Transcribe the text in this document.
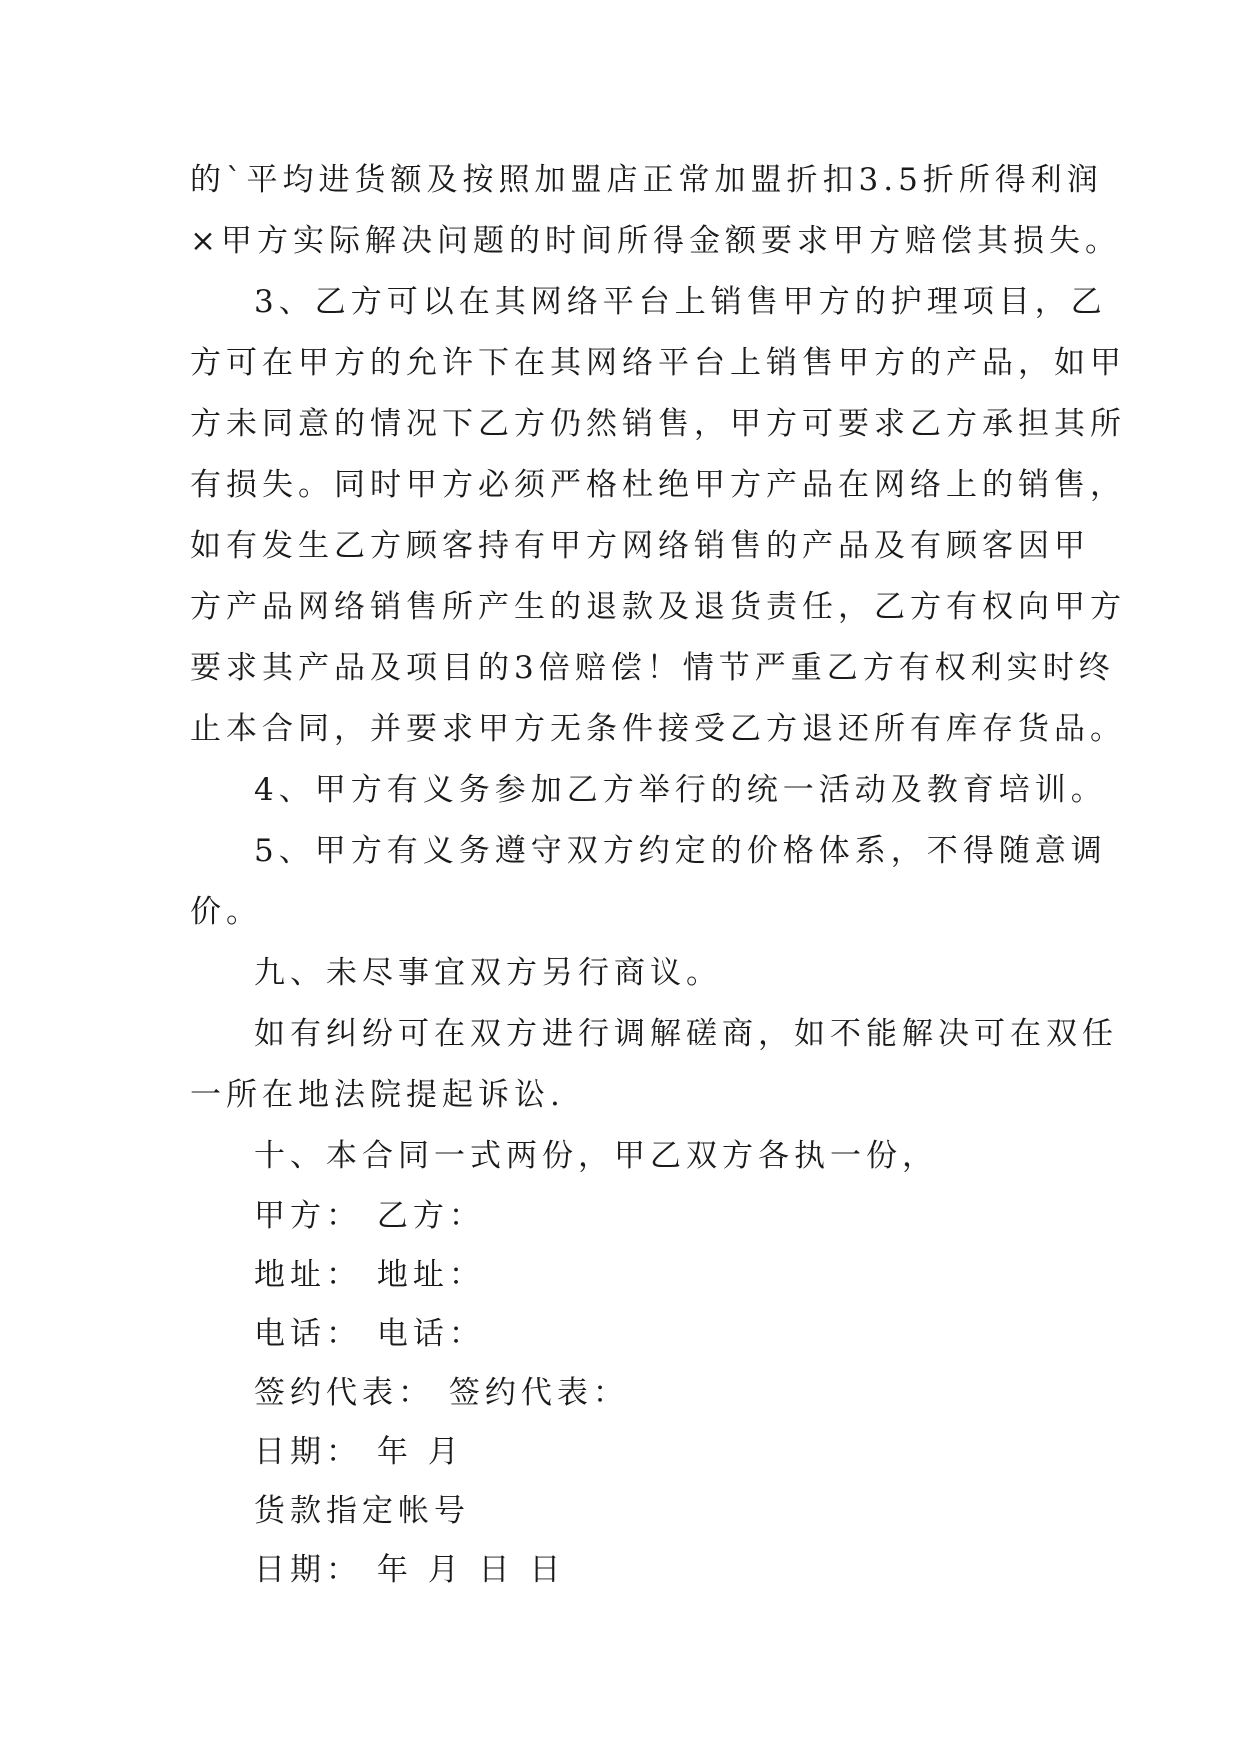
的`平均进货额及按照加盟店正常加盟折扣3.5折所得利润
×甲方实际解决问题的时间所得金额要求甲方赔偿其损失。
3、乙方可以在其网络平台上销售甲方的护理项目，乙
方可在甲方的允许下在其网络平台上销售甲方的产品，如甲
方未同意的情况下乙方仍然销售，甲方可要求乙方承担其所
有损失。同时甲方必须严格杜绝甲方产品在网络上的销售，
如有发生乙方顾客持有甲方网络销售的产品及有顾客因甲
方产品网络销售所产生的退款及退货责任，乙方有权向甲方
要求其产品及项目的3倍赔偿！情节严重乙方有权利实时终
止本合同，并要求甲方无条件接受乙方退还所有库存货品。
4、甲方有义务参加乙方举行的统一活动及教育培训。
5、甲方有义务遵守双方约定的价格体系，不得随意调
价。
九、未尽事宜双方另行商议。
如有纠纷可在双方进行调解磋商，如不能解决可在双任
一所在地法院提起诉讼.
十、本合同一式两份，甲乙双方各执一份，
甲方： 乙方：
地址： 地址：
电话： 电话：
签约代表： 签约代表：
日期： 年 月
货款指定帐号
日期： 年 月 日 日
